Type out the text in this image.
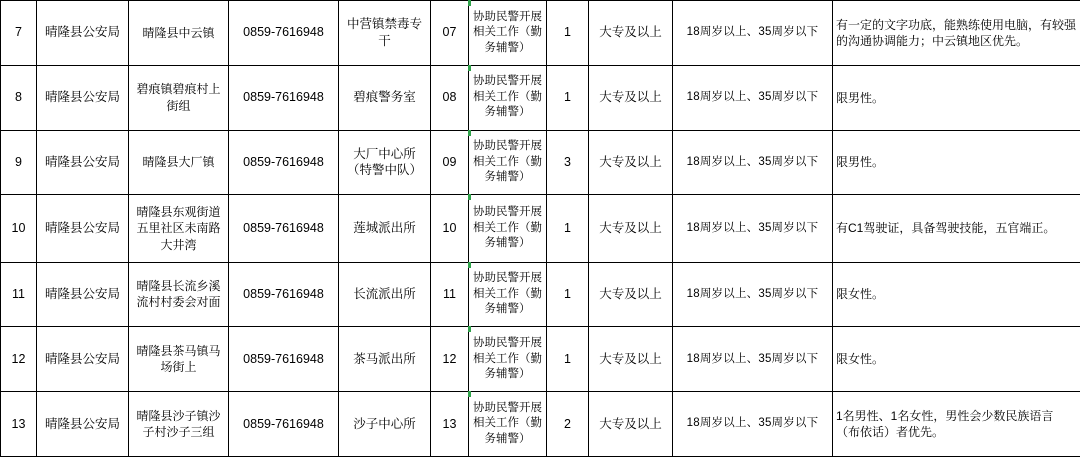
7	晴隆县公安局	晴隆县中云镇	0859-7616948	中营镇禁毒专干	07	协助民警开展相关工作（勤务辅警）	1	大专及以上	18周岁以上、35周岁以下	有一定的文字功底，能熟练使用电脑，有较强的沟通协调能力；中云镇地区优先。
8	晴隆县公安局	碧痕镇碧痕村上街组	0859-7616948	碧痕警务室	08	协助民警开展相关工作（勤务辅警）	1	大专及以上	18周岁以上、35周岁以下	限男性。
9	晴隆县公安局	晴隆县大厂镇	0859-7616948	大厂中心所（特警中队）	09	协助民警开展相关工作（勤务辅警）	3	大专及以上	18周岁以上、35周岁以下	限男性。
10	晴隆县公安局	晴隆县东观街道五里社区未南路大井湾	0859-7616948	莲城派出所	10	协助民警开展相关工作（勤务辅警）	1	大专及以上	18周岁以上、35周岁以下	有C1驾驶证，具备驾驶技能，五官端正。
11	晴隆县公安局	晴隆县长流乡溪流村村委会对面	0859-7616948	长流派出所	11	协助民警开展相关工作（勤务辅警）	1	大专及以上	18周岁以上、35周岁以下	限女性。
12	晴隆县公安局	晴隆县茶马镇马场街上	0859-7616948	茶马派出所	12	协助民警开展相关工作（勤务辅警）	1	大专及以上	18周岁以上、35周岁以下	限女性。
13	晴隆县公安局	晴隆县沙子镇沙子村沙子三组	0859-7616948	沙子中心所	13	协助民警开展相关工作（勤务辅警）	2	大专及以上	18周岁以上、35周岁以下	1名男性、1名女性，男性会少数民族语言（布依话）者优先。
